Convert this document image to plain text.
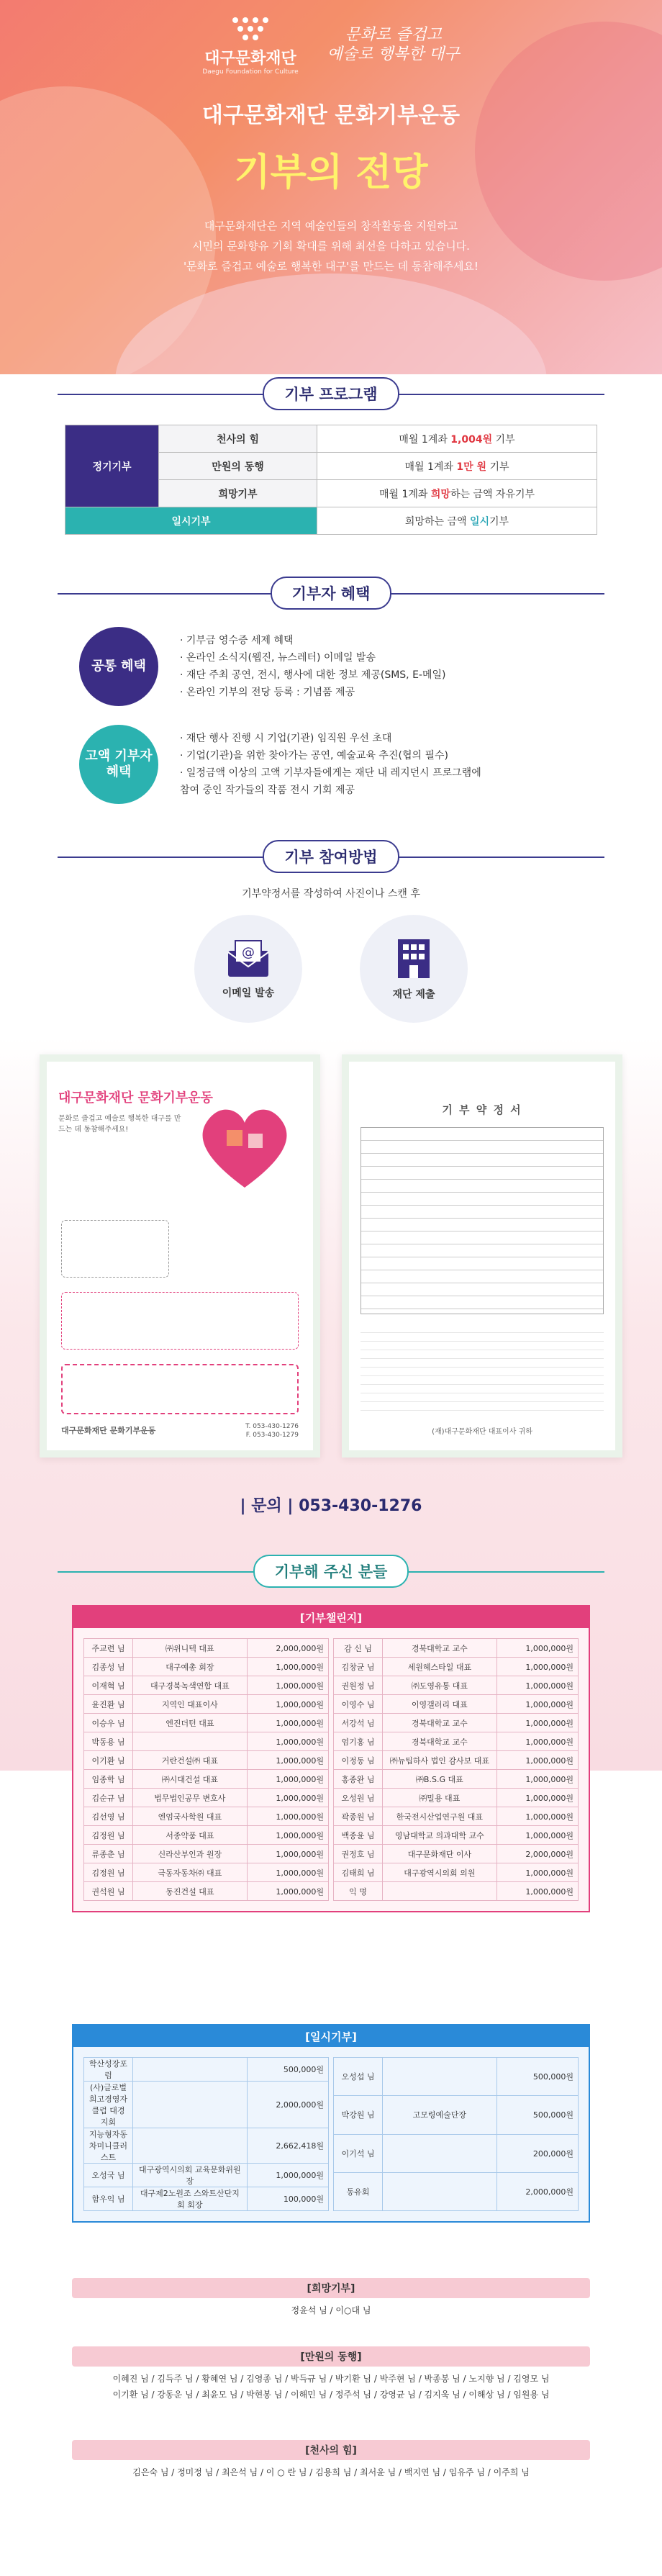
대구문화재단
Daegu Foundation for Culture
문화로 즐겁고
예술로 행복한 대구
대구문화재단 문화기부운동
기부의 전당

대구문화재단은 지역 예술인들의 창작활동을 지원하고
시민의 문화향유 기회 확대를 위해 최선을 다하고 있습니다.
'문화로 즐겁고 예술로 행복한 대구'를 만드는 데 동참해주세요!

기부 프로그램
정기기부	천사의 힘	매월 1계좌 1,004원 기부
	만원의 동행	매월 1계좌 1만 원 기부
	희망기부	매월 1계좌 희망하는 금액 자유기부
일시기부		희망하는 금액 일시기부
기부자 혜택
공통 혜택
· 기부금 영수증 세제 혜택
· 온라인 소식지(웹진, 뉴스레터) 이메일 발송
· 재단 주최 공연, 전시, 행사에 대한 정보 제공(SMS, E-메일)
· 온라인 기부의 전당 등록 : 기념품 제공
고액 기부자 혜택
· 재단 행사 진행 시 기업(기관) 임직원 우선 초대
· 기업(기관)을 위한 찾아가는 공연, 예술교육 추진(협의 필수)
· 일정금액 이상의 고액 기부자들에게는 재단 내 레지던시 프로그램에
참여 중인 작가들의 작품 전시 기회 제공
기부 참여방법
기부약정서를 작성하여 사진이나 스캔 후
@
이메일 발송	재단 제출
대구문화재단 문화기부운동
문화로 즐겁고 예술로 행복한 대구를 만드는 데 동참해주세요!
대구문화재단 문화기부운동	T. 053-430-1276
F. 053-430-1279
기 부 약 정 서
(재)대구문화재단 대표이사 귀하
| 문의 | 053-430-1276
기부해 주신 분들
[기부챌린지]
주교련 님	㈜위니텍 대표	2,000,000원
김종성 님	대구예총 회장	1,000,000원
이재혁 님	대구경북녹색연합 대표	1,000,000원
윤진환 님	지역인 대표이사	1,000,000원
이승우 님	엔진더턴 대표	1,000,000원
박동용 님		1,000,000원
이기환 님	거란건설㈜ 대표	1,000,000원
임종학 님	㈜시대건설 대표	1,000,000원
김순규 님	법무법인공무 변호사	1,000,000원
김선영 님	엔엄국사학원 대표	1,000,000원
김정원 님	서종약품 대표	1,000,000원
류종춘 님	신라산부인과 원장	1,000,000원
김정원 님	극동자동차㈜ 대표	1,000,000원
권석원 님	동진건설 대표	1,000,000원
감 신 님	경북대학교 교수	1,000,000원
김창균 님	세원헤스타일 대표	1,000,000원
권원정 님	㈜도영유통 대표	1,000,000원
이영수 님	이영갤러리 대표	1,000,000원
서강석 님	경북대학교 교수	1,000,000원
엄기홍 님	경북대학교 교수	1,000,000원
이정동 님	㈜뉴팁하사 법인 감사보 대표	1,000,000원
홍종완 님	㈜B.S.G 대표	1,000,000원
오성원 님	㈜밀용 대표	1,000,000원
곽종원 님	한국전시산업연구원 대표	1,000,000원
백종윤 님	영남대학교 의과대학 교수	1,000,000원
권정호 님	대구문화재단 이사	2,000,000원
김태희 님	대구광역시의회 의원	1,000,000원
익 명		1,000,000원
[일시기부]
학산성장포럼		500,000원
(사)글로벌희고경영자클럽 대경지회		2,000,000원
지능형자동차미니클러스트		2,662,418원
오성국 님	대구광역시의회 교육문화위원장	1,000,000원
함우익 님	대구제2노원조 스와트산단지회 회장	100,000원
오성섭 님		500,000원
박강원 님	고모령예술단장	500,000원
이기석 님		200,000원
동유회		2,000,000원
[희망기부]
정윤석 님 / 이○대 님
[만원의 동행]
이혜진 님 / 김득주 님 / 황혜연 님 / 김영종 님 / 박득규 님 / 박기환 님 / 박주현 님 / 박종봉 님 / 노지향 님 / 김영모 님
이기환 님 / 강동운 님 / 최윤모 님 / 박현봉 님 / 이해민 님 / 정주석 님 / 강영균 님 / 김지욱 님 / 이해상 님 / 임원용 님
[천사의 힘]
김은숙 님 / 정미정 님 / 최은석 님 / 이 ○ 란 님 / 김용희 님 / 최서윤 님 / 백지연 님 / 임유주 님 / 이주희 님
